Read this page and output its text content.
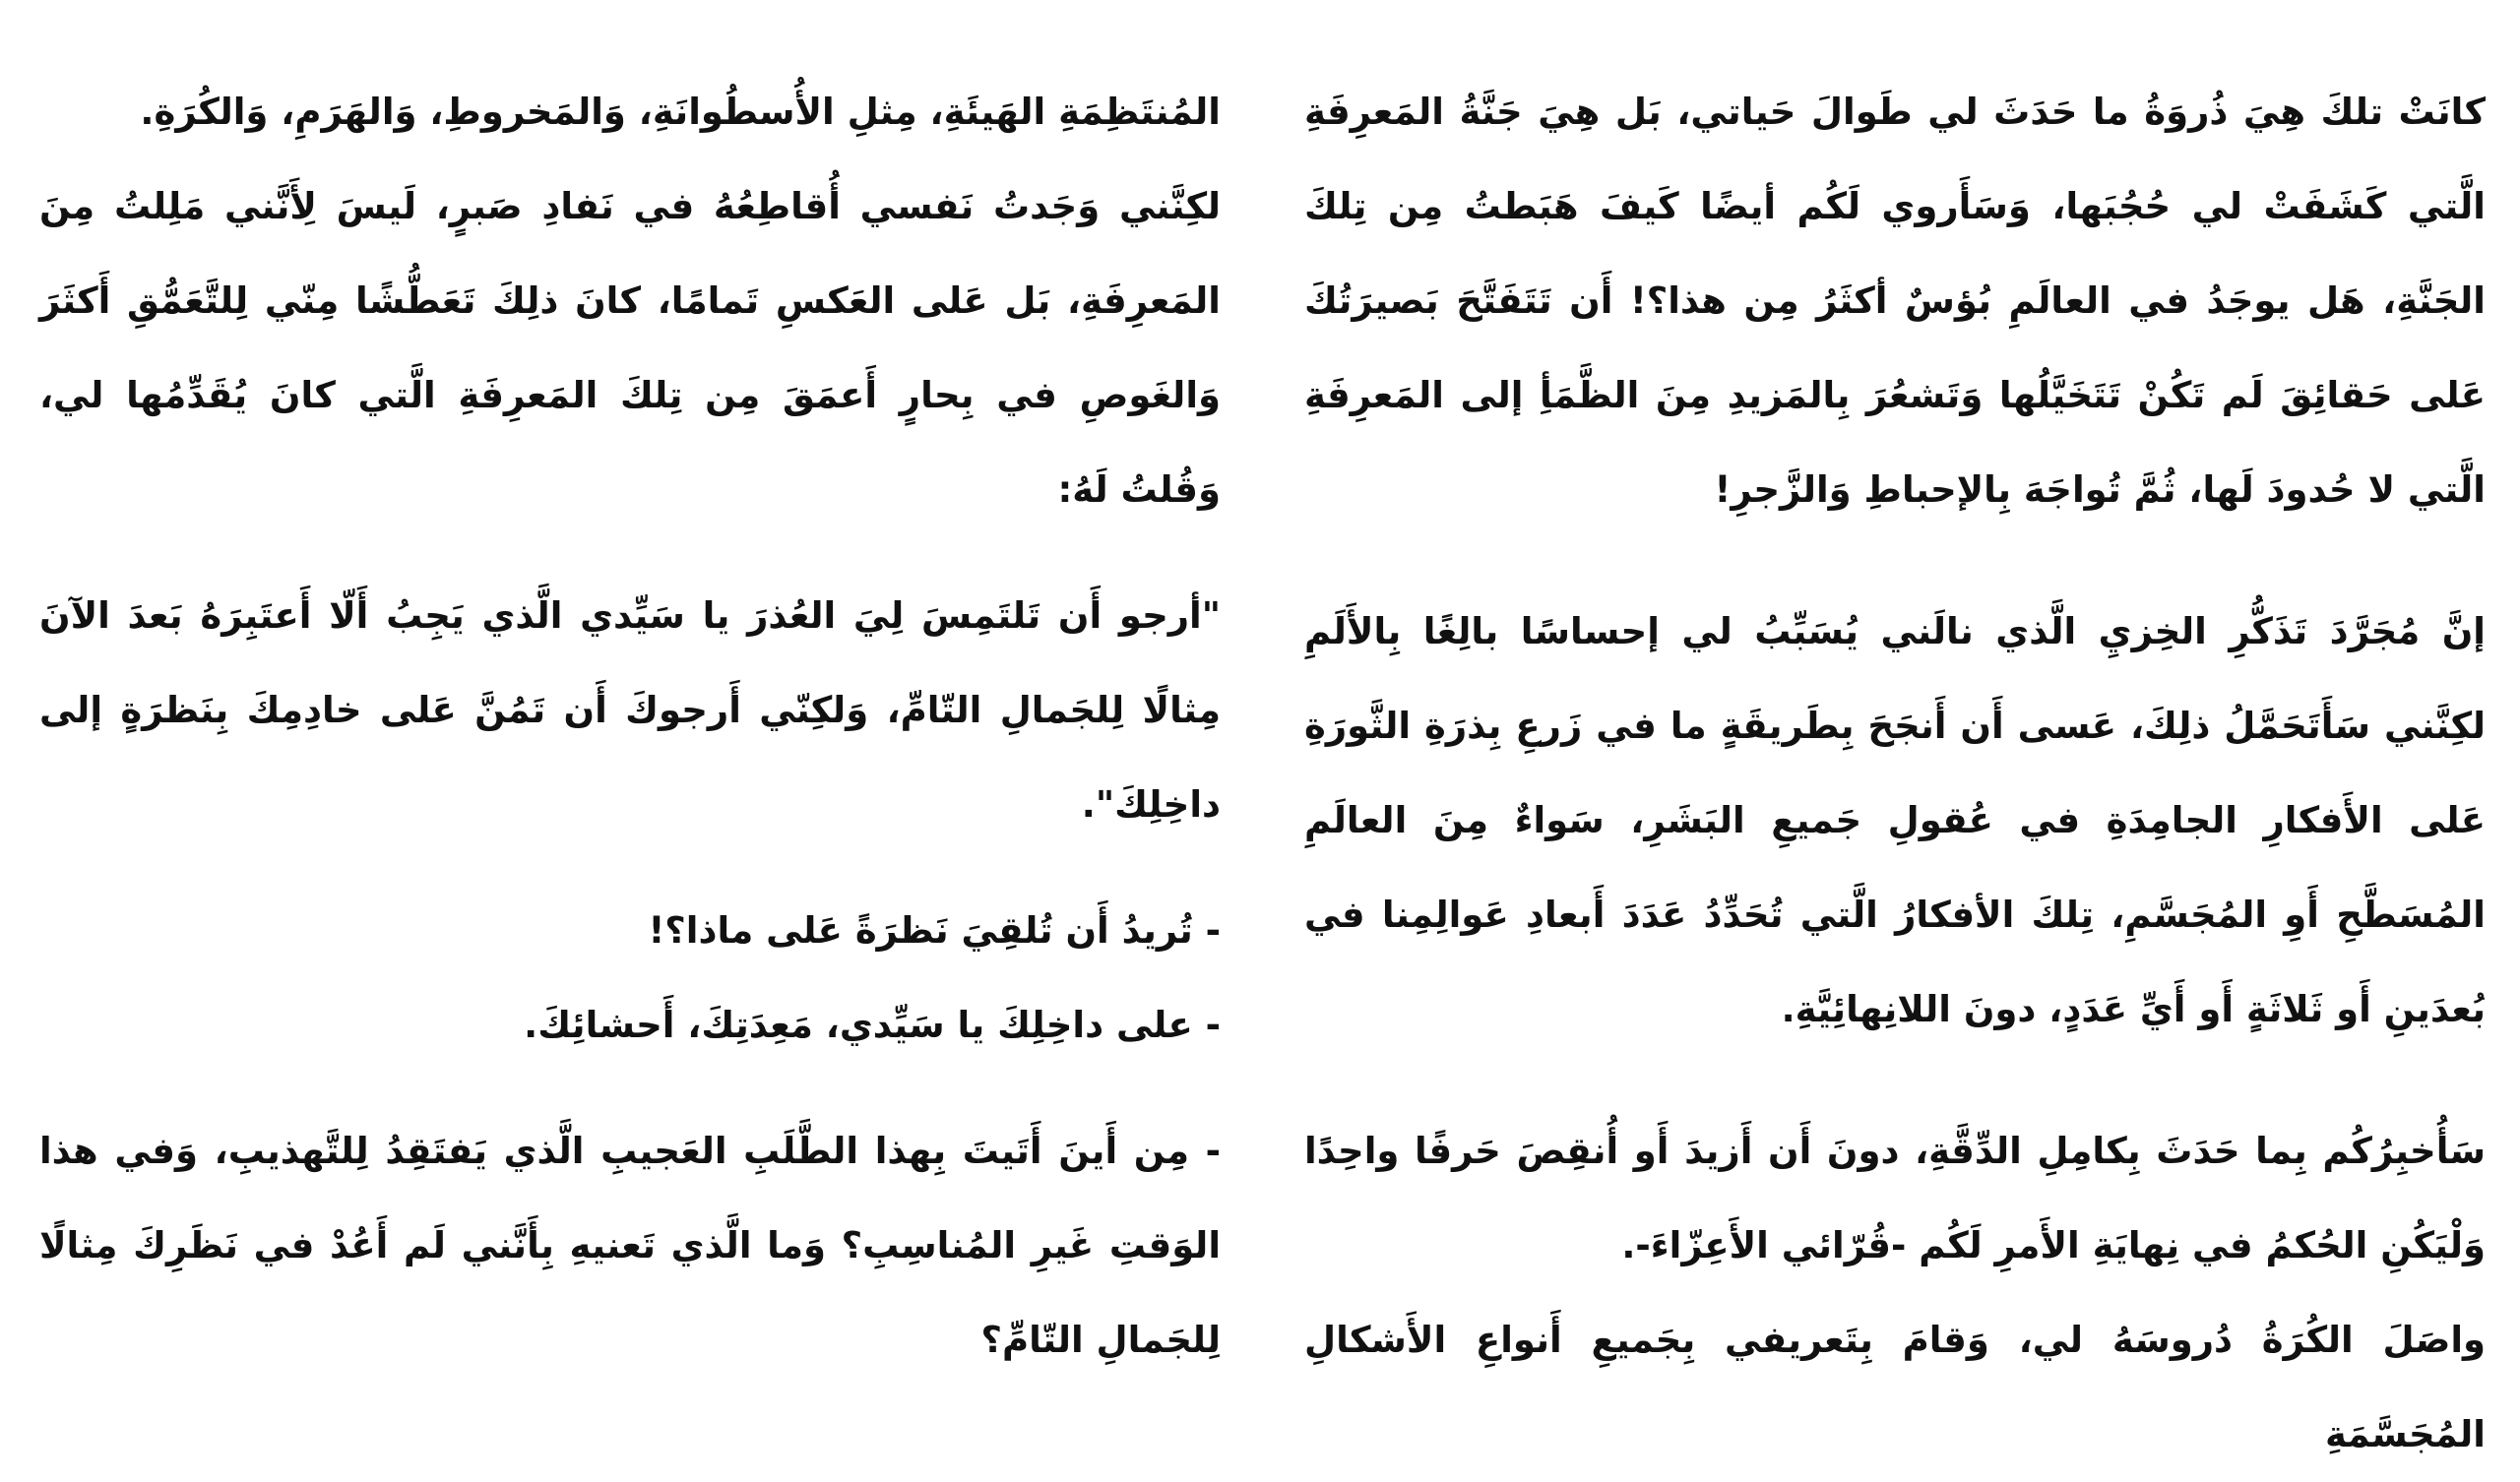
كانَتْ تلكَ هِيَ ذُروَةُ ما حَدَثَ لي طَوالَ حَياتي، بَل هِيَ جَنَّةُ المَعرِفَةِ الَّتي كَشَفَتْ لي حُجُبَها، وَسَأَروي لَكُم أيضًا كَيفَ هَبَطتُ مِن تِلكَ الجَنَّةِ، هَل يوجَدُ في العالَمِ بُؤسٌ أكثَرُ مِن هذا؟! أَن تَتَفَتَّحَ بَصيرَتُكَ عَلى حَقائِقَ لَم تَكُنْ تَتَخَيَّلُها وَتَشعُرَ بِالمَزيدِ مِنَ الظَّمَأِ إلى المَعرِفَةِ الَّتي لا حُدودَ لَها، ثُمَّ تُواجَهَ بِالإحباطِ وَالزَّجرِ!

إنَّ مُجَرَّدَ تَذَكُّرِ الخِزيِ الَّذي نالَني يُسَبِّبُ لي إحساسًا بالِغًا بِالأَلَمِ لكِنَّني سَأَتَحَمَّلُ ذلِكَ، عَسى أَن أَنجَحَ بِطَريقَةٍ ما في زَرعِ بِذرَةِ الثَّورَةِ عَلى الأَفكارِ الجامِدَةِ في عُقولِ جَميعِ البَشَرِ، سَواءٌ مِنَ العالَمِ المُسَطَّحِ أَوِ المُجَسَّمِ، تِلكَ الأفكارُ الَّتي تُحَدِّدُ عَدَدَ أَبعادِ عَوالِمِنا في بُعدَينِ أَو ثَلاثَةٍ أَو أَيِّ عَدَدٍ، دونَ اللانِهائِيَّةِ.

سَأُخبِرُكُم بِما حَدَثَ بِكامِلِ الدِّقَّةِ، دونَ أَن أَزيدَ أَو أُنقِصَ حَرفًا واحِدًا وَلْيَكُنِ الحُكمُ في نِهايَةِ الأَمرِ لَكُم -قُرّائي الأَعِزّاءَ-.

واصَلَ الكُرَةُ دُروسَهُ لي، وَقامَ بِتَعريفي بِجَميعِ أَنواعِ الأَشكالِ المُجَسَّمَةِ

المُنتَظِمَةِ الهَيئَةِ، مِثلِ الأُسطُوانَةِ، وَالمَخروطِ، وَالهَرَمِ، وَالكُرَةِ.

لكِنَّني وَجَدتُ نَفسي أُقاطِعُهُ في نَفادِ صَبرٍ، لَيسَ لِأَنَّني مَلِلتُ مِنَ المَعرِفَةِ، بَل عَلى العَكسِ تَمامًا، كانَ ذلِكَ تَعَطُّشًا مِنّي لِلتَّعَمُّقِ أَكثَرَ وَالغَوصِ في بِحارٍ أَعمَقَ مِن تِلكَ المَعرِفَةِ الَّتي كانَ يُقَدِّمُها لي، وَقُلتُ لَهُ:

"أرجو أَن تَلتَمِسَ لِيَ العُذرَ يا سَيِّدي الَّذي يَجِبُ أَلّا أَعتَبِرَهُ بَعدَ الآنَ مِثالًا لِلجَمالِ التّامِّ، وَلكِنّي أَرجوكَ أَن تَمُنَّ عَلى خادِمِكَ بِنَظرَةٍ إلى داخِلِكَ".

- تُريدُ أَن تُلقِيَ نَظرَةً عَلى ماذا؟!

- على داخِلِكَ يا سَيِّدي، مَعِدَتِكَ، أَحشائِكَ.

- مِن أَينَ أَتَيتَ بِهذا الطَّلَبِ العَجيبِ الَّذي يَفتَقِدُ لِلتَّهذيبِ، وَفي هذا الوَقتِ غَيرِ المُناسِبِ؟ وَما الَّذي تَعنيهِ بِأَنَّني لَم أَعُدْ في نَظَرِكَ مِثالًا لِلجَمالِ التّامِّ؟
